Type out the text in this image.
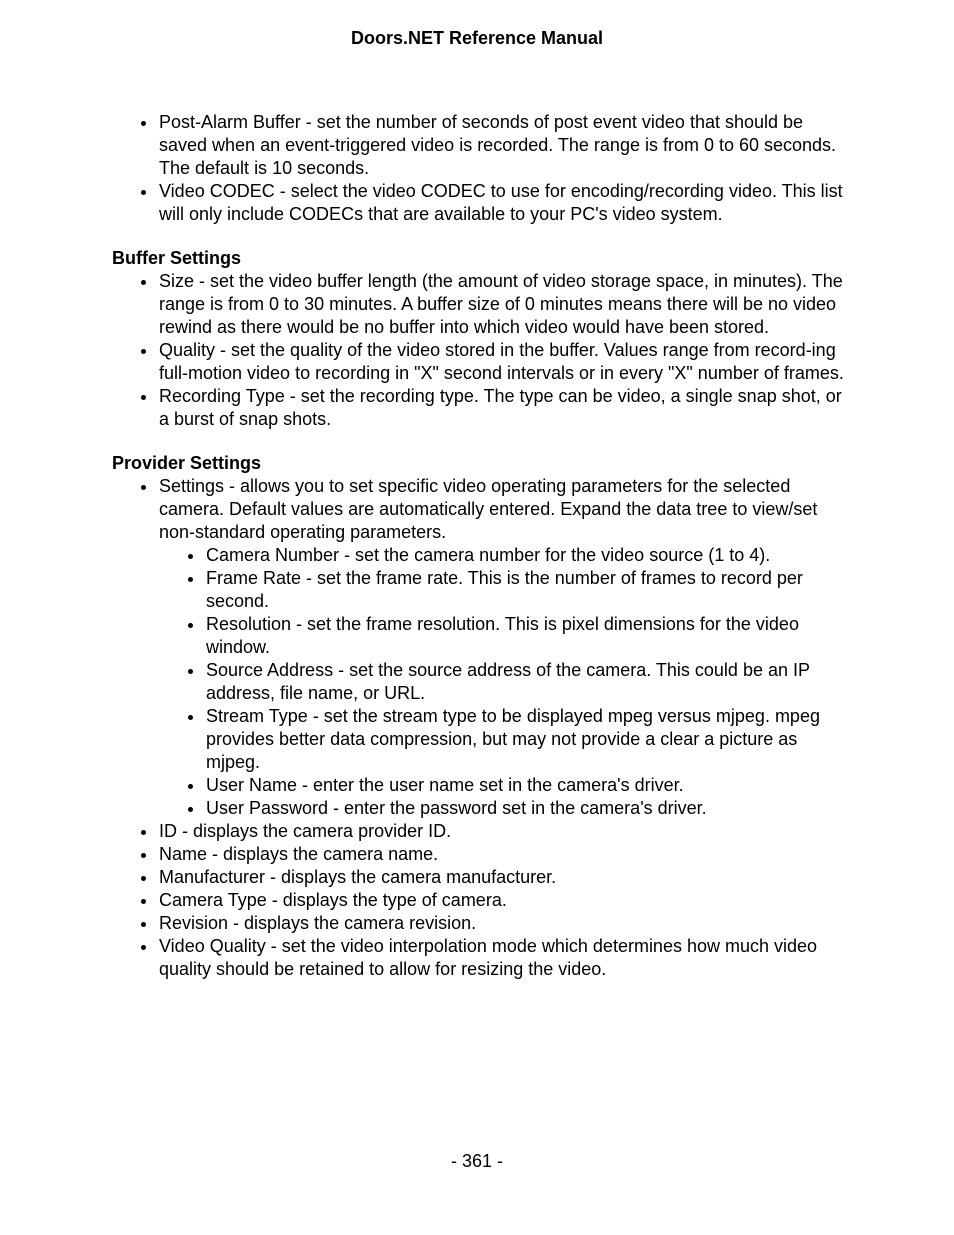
Doors.NET Reference Manual
Post-Alarm Buffer - set the number of seconds of post event video that should be saved when an event-triggered video is recorded. The range is from 0 to 60 seconds. The default is 10 seconds.
Video CODEC - select the video CODEC to use for encoding/recording video. This list will only include CODECs that are available to your PC's video system.
Buffer Settings
Size - set the video buffer length (the amount of video storage space, in minutes). The range is from 0 to 30 minutes. A buffer size of 0 minutes means there will be no video rewind as there would be no buffer into which video would have been stored.
Quality - set the quality of the video stored in the buffer. Values range from record-ing full-motion video to recording in "X" second intervals or in every "X" number of frames.
Recording Type - set the recording type. The type can be video, a single snap shot, or a burst of snap shots.
Provider Settings
Settings - allows you to set specific video operating parameters for the selected camera. Default values are automatically entered. Expand the data tree to view/set non-standard operating parameters.
Camera Number - set the camera number for the video source (1 to 4).
Frame Rate - set the frame rate. This is the number of frames to record per second.
Resolution - set the frame resolution. This is pixel dimensions for the video window.
Source Address - set the source address of the camera. This could be an IP address, file name, or URL.
Stream Type - set the stream type to be displayed mpeg versus mjpeg. mpeg provides better data compression, but may not provide a clear a picture as mjpeg.
User Name - enter the user name set in the camera's driver.
User Password - enter the password set in the camera's driver.
ID - displays the camera provider ID.
Name - displays the camera name.
Manufacturer - displays the camera manufacturer.
Camera Type - displays the type of camera.
Revision - displays the camera revision.
Video Quality - set the video interpolation mode which determines how much video quality should be retained to allow for resizing the video.
- 361 -
